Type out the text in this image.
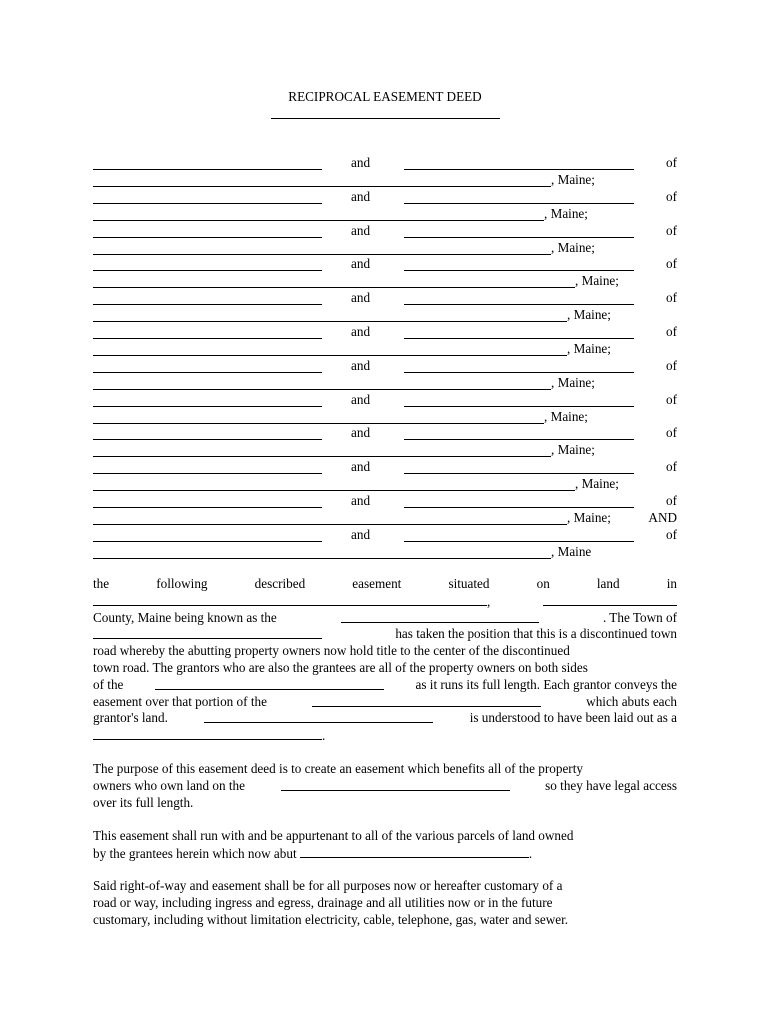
RECIPROCAL EASEMENT DEED
and	of
, Maine;
and	of
, Maine;
and	of
, Maine;
and	of
, Maine;
and	of
, Maine;
and	of
, Maine;
and	of
, Maine;
and	of
, Maine;
and	of
, Maine;
and	of
, Maine;
and	of
, Maine;	AND
and	of
, Maine
the	following	described	easement	situated	on	land	in
,
County, Maine being known as the	. The Town of
has taken the position that this is a discontinued town
road whereby the abutting property owners now hold title to the center of the discontinued
town road. The grantors who are also the grantees are all of the property owners on both sides
of the	as it runs its full length. Each grantor conveys the
easement over that portion of the	which abuts each
grantor's land.	is understood to have been laid out as a
.
The purpose of this easement deed is to create an easement which benefits all of the property
owners who own land on the	so they have legal access
over its full length.
This easement shall run with and be appurtenant to all of the various parcels of land owned
by the grantees herein which now abut	.
Said right-of-way and easement shall be for all purposes now or hereafter customary of a
road or way, including ingress and egress, drainage and all utilities now or in the future
customary, including without limitation electricity, cable, telephone, gas, water and sewer.
